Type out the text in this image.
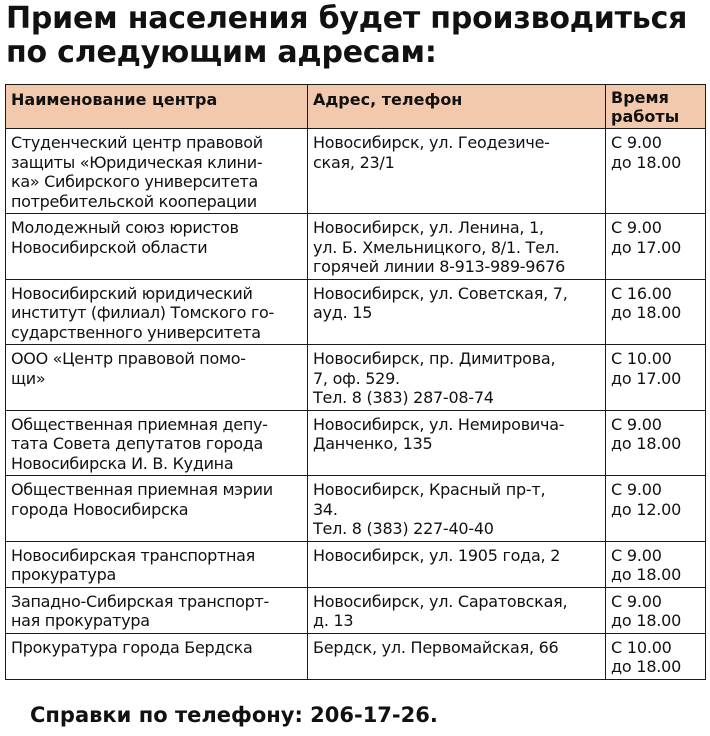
Прием населения будет производиться
по следующим адресам:
Наименование центра	Адрес, телефон	Время
работы

Студенческий центр правовой
защиты «Юридическая клини-
ка» Сибирского университета
потребительской кооперации	Новосибирск, ул. Геодезиче-
ская, 23/1	С 9.00
до 18.00

Молодежный союз юристов
Новосибирской области	Новосибирск, ул. Ленина, 1,
ул. Б. Хмельницкого, 8/1. Тел.
горячей линии 8-913-989-9676	С 9.00
до 17.00

Новосибирский юридический
институт (филиал) Томского го-
сударственного университета	Новосибирск, ул. Советская, 7,
ауд. 15	С 16.00
до 18.00

ООО «Центр правовой помо-
щи»	Новосибирск, пр. Димитрова,
7, оф. 529.
Тел. 8 (383) 287-08-74	С 10.00
до 17.00

Общественная приемная депу-
тата Совета депутатов города
Новосибирска И. В. Кудина	Новосибирск, ул. Немировича-
Данченко, 135	С 9.00
до 18.00

Общественная приемная мэрии
города Новосибирска	Новосибирск, Красный пр-т,
34.
Тел. 8 (383) 227-40-40	С 9.00
до 12.00

Новосибирская транспортная
прокуратура	Новосибирск, ул. 1905 года, 2	С 9.00
до 18.00

Западно-Сибирская транспорт-
ная прокуратура	Новосибирск, ул. Саратовская,
д. 13	С 9.00
до 18.00

Прокуратура города Бердска	Бердск, ул. Первомайская, 66	С 10.00
до 18.00

Справки по телефону: 206-17-26.
